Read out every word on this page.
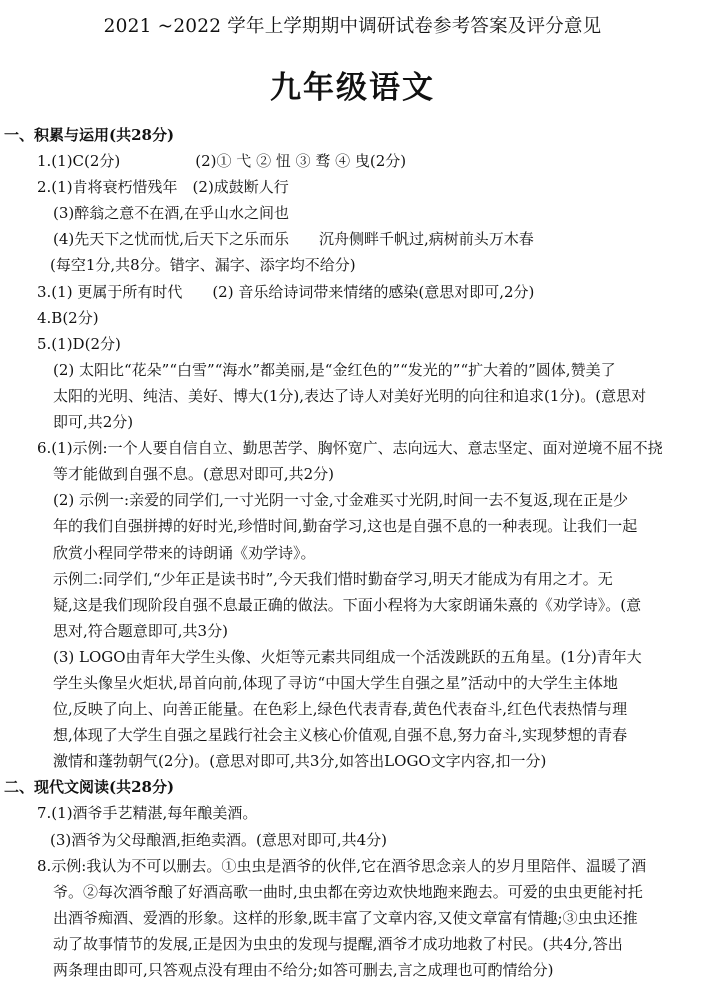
2021 ~2022 学年上学期期中调研试卷参考答案及评分意见
九年级语文
一、积累与运用(共28分)
1.(1)C(2分)　　　　　(2)① 弋 ② 忸 ③ 骛 ④ 曳(2分)
2.(1)肯将衰朽惜残年　(2)成鼓断人行
(3)醉翁之意不在酒,在乎山水之间也
(4)先天下之忧而忧,后天下之乐而乐　　沉舟侧畔千帆过,病树前头万木春
(每空1分,共8分。错字、漏字、添字均不给分)
3.(1) 更属于所有时代　　(2) 音乐给诗词带来情绪的感染(意思对即可,2分)
4.B(2分)
5.(1)D(2分)
(2) 太阳比“花朵”“白雪”“海水”都美丽,是“金红色的”“发光的”“扩大着的”圆体,赞美了
太阳的光明、纯洁、美好、博大(1分),表达了诗人对美好光明的向往和追求(1分)。(意思对
即可,共2分)
6.(1)示例:一个人要自信自立、勤思苦学、胸怀宽广、志向远大、意志坚定、面对逆境不屈不挠
等才能做到自强不息。(意思对即可,共2分)
(2) 示例一:亲爱的同学们,一寸光阴一寸金,寸金难买寸光阴,时间一去不复返,现在正是少
年的我们自强拼搏的好时光,珍惜时间,勤奋学习,这也是自强不息的一种表现。让我们一起
欣赏小程同学带来的诗朗诵《劝学诗》。
示例二:同学们,“少年正是读书时”,今天我们惜时勤奋学习,明天才能成为有用之才。无
疑,这是我们现阶段自强不息最正确的做法。下面小程将为大家朗诵朱熹的《劝学诗》。(意
思对,符合题意即可,共3分)
(3) LOGO由青年大学生头像、火炬等元素共同组成一个活泼跳跃的五角星。(1分)青年大
学生头像呈火炬状,昂首向前,体现了寻访“中国大学生自强之星”活动中的大学生主体地
位,反映了向上、向善正能量。在色彩上,绿色代表青春,黄色代表奋斗,红色代表热情与理
想,体现了大学生自强之星践行社会主义核心价值观,自强不息,努力奋斗,实现梦想的青春
激情和蓬勃朝气(2分)。(意思对即可,共3分,如答出LOGO文字内容,扣一分)
二、现代文阅读(共28分)
7.(1)酒爷手艺精湛,每年酿美酒。
(3)酒爷为父母酿酒,拒绝卖酒。(意思对即可,共4分)
8.示例:我认为不可以删去。①虫虫是酒爷的伙伴,它在酒爷思念亲人的岁月里陪伴、温暖了酒
爷。②每次酒爷酿了好酒高歌一曲时,虫虫都在旁边欢快地跑来跑去。可爱的虫虫更能衬托
出酒爷痴酒、爱酒的形象。这样的形象,既丰富了文章内容,又使文章富有情趣;③虫虫还推
动了故事情节的发展,正是因为虫虫的发现与提醒,酒爷才成功地救了村民。(共4分,答出
两条理由即可,只答观点没有理由不给分;如答可删去,言之成理也可酌情给分)
